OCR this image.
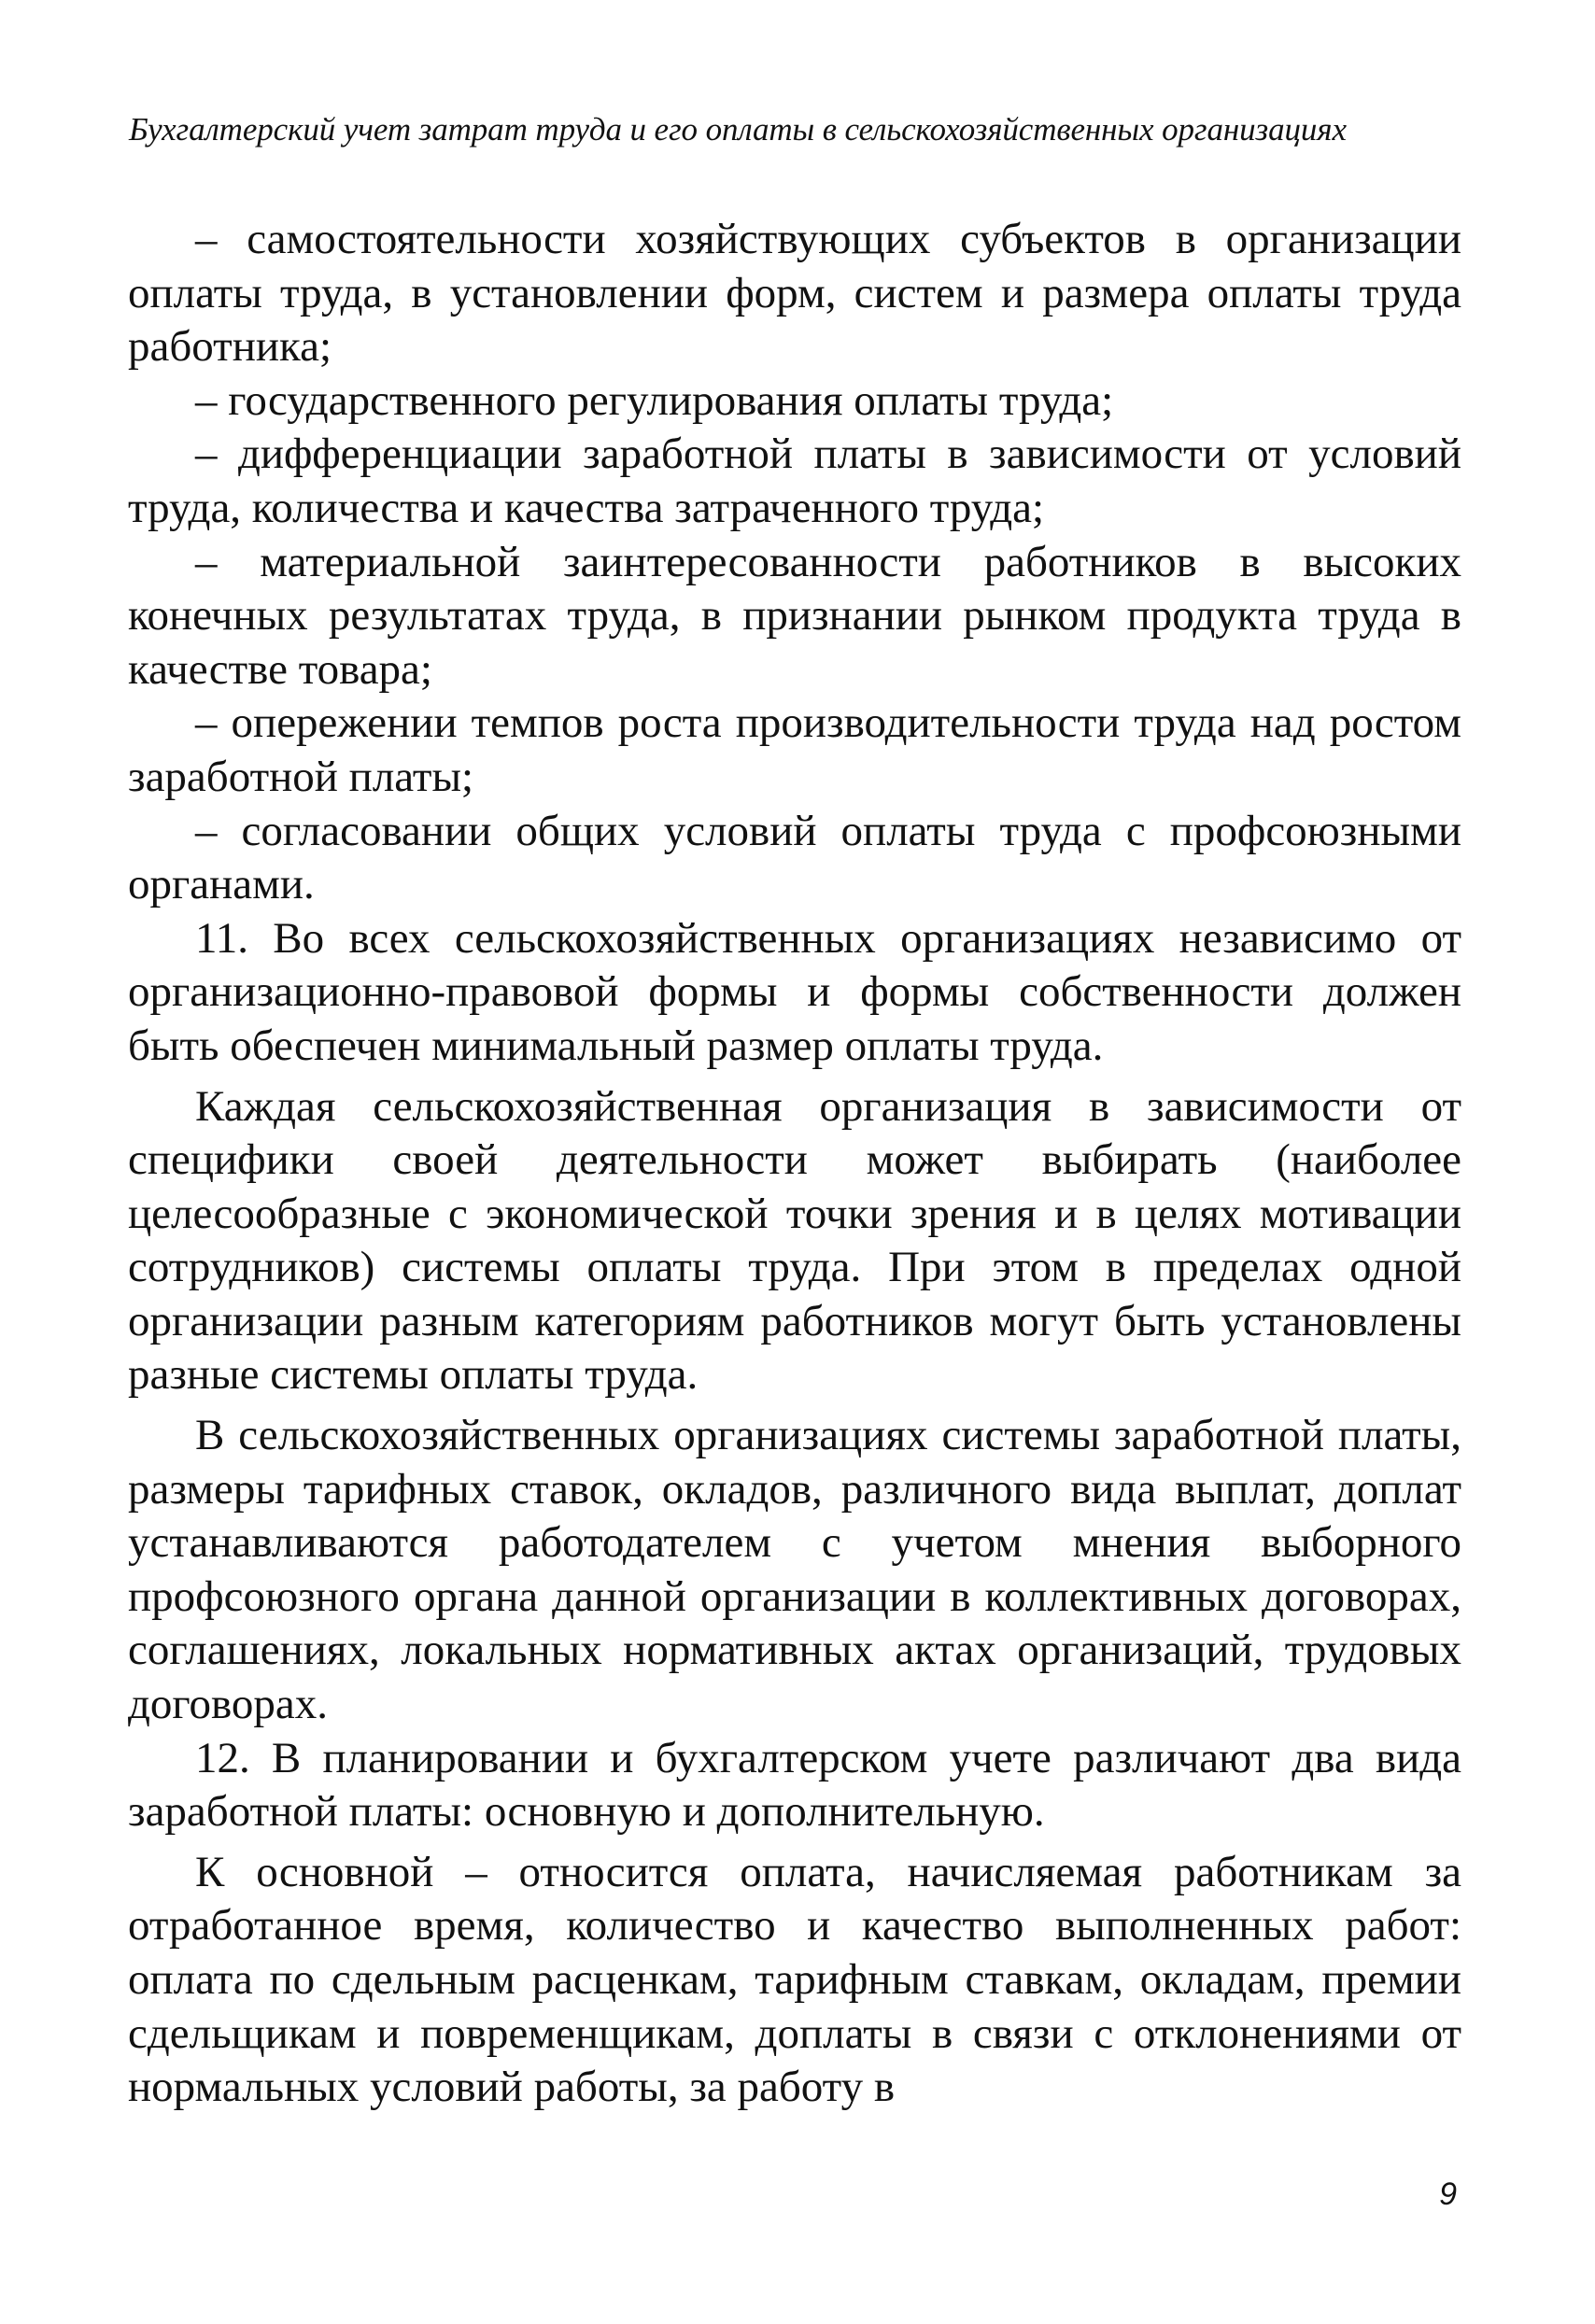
Бухгалтерский учет затрат труда и его оплаты в сельскохозяйственных организациях

– самостоятельности хозяйствующих субъектов в организации оплаты труда, в установлении форм, систем и размера оплаты труда работника;

– государственного регулирования оплаты труда;

– дифференциации заработной платы в зависимости от условий труда, количества и качества затраченного труда;

– материальной заинтересованности работников в высоких конечных результатах труда, в признании рынком продукта труда в качестве товара;

– опережении темпов роста производительности труда над ростом заработной платы;

– согласовании общих условий оплаты труда с профсоюзными органами.

11. Во всех сельскохозяйственных организациях независимо от организационно-правовой формы и формы собственности должен быть обеспечен минимальный размер оплаты труда.

Каждая сельскохозяйственная организация в зависимости от специфики своей деятельности может выбирать (наиболее целесообразные с экономической точки зрения и в целях мотивации сотрудников) системы оплаты труда. При этом в пределах одной организации разным категориям работников могут быть установлены разные системы оплаты труда.

В сельскохозяйственных организациях системы заработной платы, размеры тарифных ставок, окладов, различного вида выплат, доплат устанавливаются работодателем с учетом мнения выборного профсоюзного органа данной организации в коллективных договорах, соглашениях, локальных нормативных актах организаций, трудовых договорах.

12. В планировании и бухгалтерском учете различают два вида заработной платы: основную и дополнительную.

К основной – относится оплата, начисляемая работникам за отработанное время, количество и качество выполненных работ: оплата по сдельным расценкам, тарифным ставкам, окладам, премии сдельщикам и повременщикам, доплаты в связи с отклонениями от нормальных условий работы, за работу в

9
